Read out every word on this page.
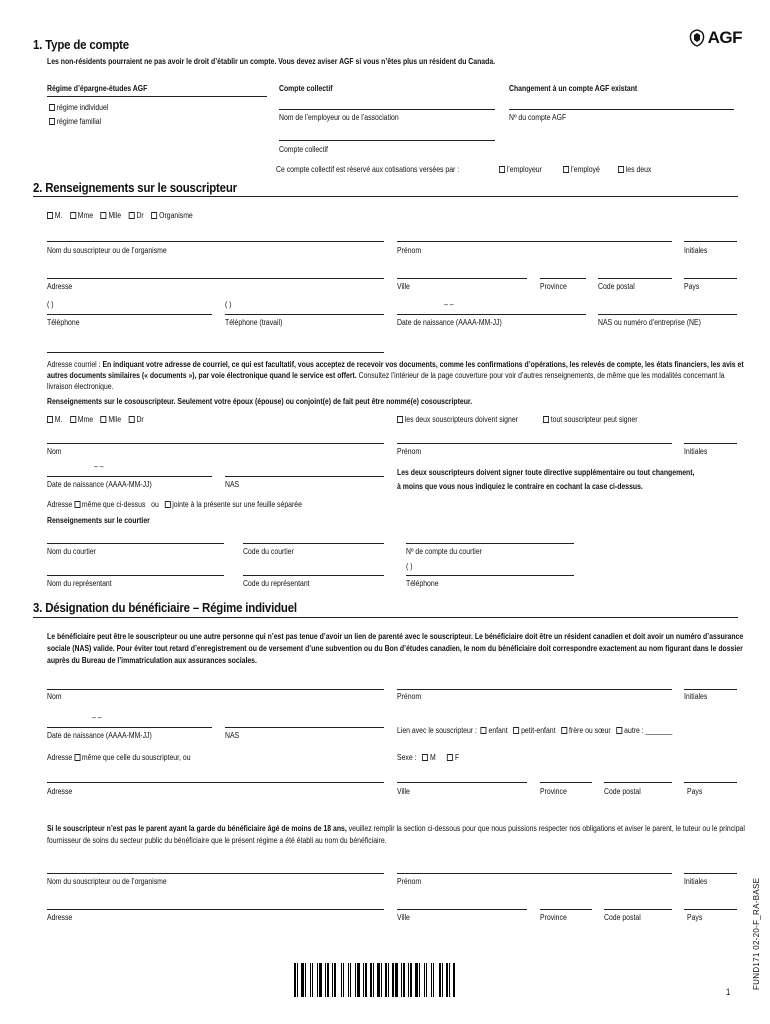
AGF
1. Type de compte
Les non-résidents pourraient ne pas avoir le droit d’établir un compte. Vous devez aviser AGF si vous n’êtes plus un résident du Canada.
Régime d’épargne-études AGF
régime individuel
régime familial
Compte collectif
Nom de l’employeur ou de l’association
Compte collectif
Ce compte collectif est réservé aux cotisations versées par :	l’employeur	l’employé	les deux
Changement à un compte AGF existant
Nº du compte AGF
2. Renseignements sur le souscripteur
M. Mme Mlle Dr Organisme
Nom du souscripteur ou de l’organisme	Prénom	Initiales
Adresse	Ville	Province	Code postal	Pays
( )	( )	– –
Téléphone	Téléphone (travail)	Date de naissance (AAAA-MM-JJ)	NAS ou numéro d’entreprise (NE)
Adresse courriel : En indiquant votre adresse de courriel, ce qui est facultatif, vous acceptez de recevoir vos documents, comme les confirmations d’opérations, les relevés de compte, les états financiers, les avis et autres documents similaires (« documents »), par voie électronique quand le service est offert. Consultez l’intérieur de la page couverture pour voir d’autres renseignements, de même que les modalités concernant la livraison électronique.
Renseignements sur le cosouscripteur. Seulement votre époux (épouse) ou conjoint(e) de fait peut être nommé(e) cosouscripteur.
M. Mme Mlle Dr	les deux souscripteurs doivent signer	tout souscripteur peut signer
Nom	Prénom	Initiales
– –
Date de naissance (AAAA-MM-JJ)	NAS
Les deux souscripteurs doivent signer toute directive supplémentaire ou tout changement,
à moins que vous nous indiquiez le contraire en cochant la case ci-dessus.
Adresse même que ci-dessus ou jointe à la présente sur une feuille séparée
Renseignements sur le courtier
Nom du courtier	Code du courtier	Nº de compte du courtier
( )
Nom du représentant	Code du représentant	Téléphone
3. Désignation du bénéficiaire – Régime individuel
Le bénéficiaire peut être le souscripteur ou une autre personne qui n’est pas tenue d’avoir un lien de parenté avec le souscripteur. Le bénéficiaire doit être un résident canadien et doit avoir un numéro d’assurance sociale (NAS) valide. Pour éviter tout retard d’enregistrement ou de versement d’une subvention ou du Bon d’études canadien, le nom du bénéficiaire doit correspondre exactement au nom figurant dans le dossier auprès du Bureau de l’immatriculation aux assurances sociales.
Nom	Prénom	Initiales
– –
Date de naissance (AAAA-MM-JJ)	NAS
Lien avec le souscripteur : enfant petit-enfant frère ou sœur autre : _______
Adresse même que celle du souscripteur, ou	Sexe : M F
Adresse	Ville	Province	Code postal	Pays
Si le souscripteur n’est pas le parent ayant la garde du bénéficiaire âgé de moins de 18 ans, veuillez remplir la section ci-dessous pour que nous puissions respecter nos obligations et aviser le parent, le tuteur ou le principal fournisseur de soins du secteur public du bénéficiaire que le présent régime a été établi au nom du bénéficiaire.
Nom du souscripteur ou de l’organisme	Prénom	Initiales
Adresse	Ville	Province	Code postal	Pays	FUND171 02-20-F_RA-BASE
1
